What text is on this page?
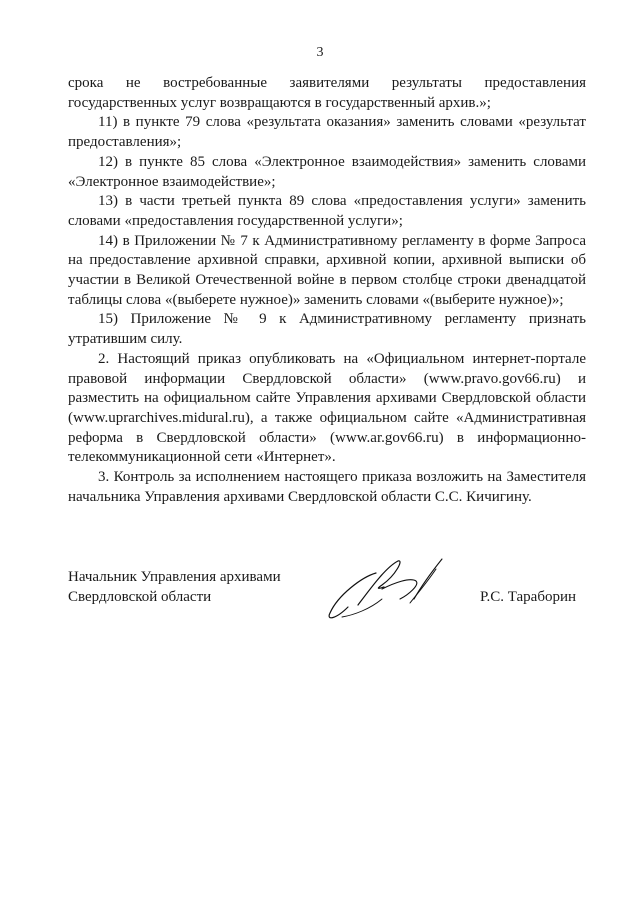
3

срока не востребованные заявителями результаты предоставления государственных услуг возвращаются в государственный архив.»;

11) в пункте 79 слова «результата оказания» заменить словами «результат предоставления»;

12) в пункте 85 слова «Электронное взаимодействия» заменить словами «Электронное взаимодействие»;

13) в части третьей пункта 89 слова «предоставления услуги» заменить словами «предоставления государственной услуги»;

14) в Приложении № 7 к Административному регламенту в форме Запроса на предоставление архивной справки, архивной копии, архивной выписки об участии в Великой Отечественной войне в первом столбце строки двенадцатой таблицы слова «(выберете нужное)» заменить словами «(выберите нужное)»;

15) Приложение № 9 к Административному регламенту признать утратившим силу.

2. Настоящий приказ опубликовать на «Официальном интернет-портале правовой информации Свердловской области» (www.pravo.gov66.ru) и разместить на официальном сайте Управления архивами Свердловской области (www.uprarchives.midural.ru), а также официальном сайте «Административная реформа в Свердловской области» (www.ar.gov66.ru) в информационно-телекоммуникационной сети «Интернет».

3. Контроль за исполнением настоящего приказа возложить на Заместителя начальника Управления архивами Свердловской области С.С. Кичигину.

Начальник Управления архивами
Свердловской области	Р.С. Тараборин
